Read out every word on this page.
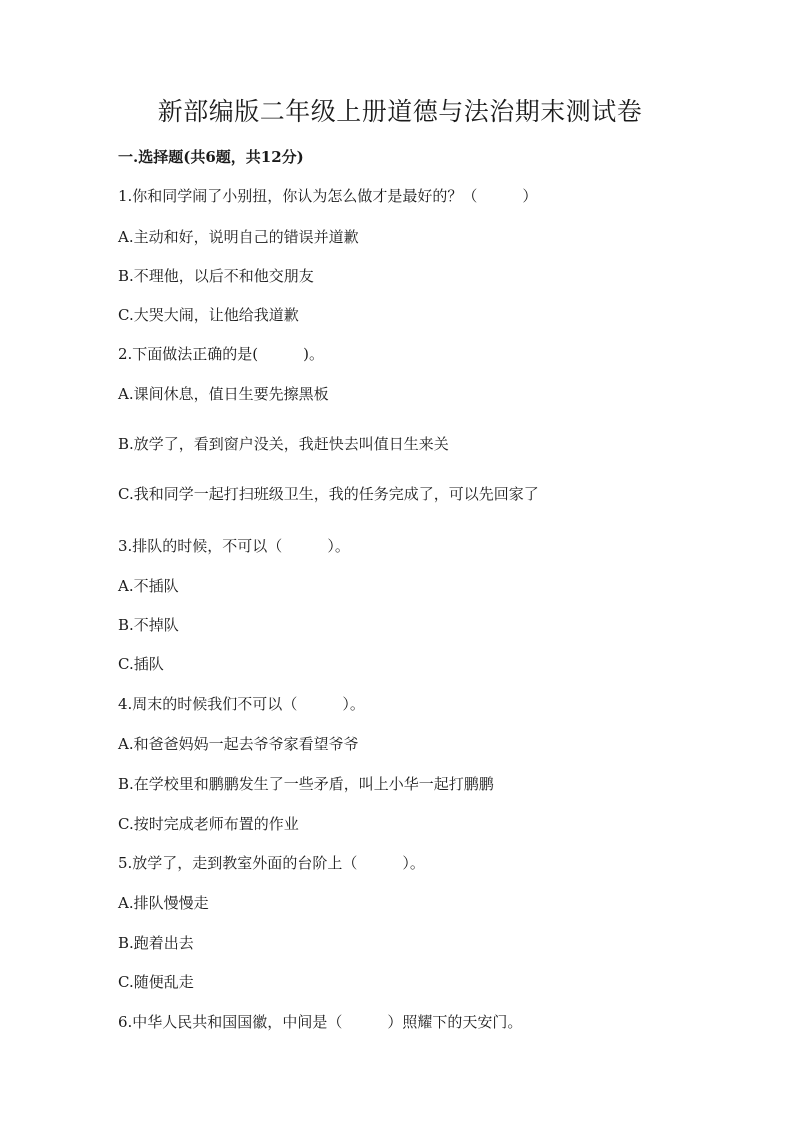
新部编版二年级上册道德与法治期末测试卷
一.选择题(共6题，共12分)
1.你和同学闹了小别扭，你认为怎么做才是最好的？（　　　）
A.主动和好，说明自己的错误并道歉
B.不理他，以后不和他交朋友
C.大哭大闹，让他给我道歉
2.下面做法正确的是(　　　)。
A.课间休息，值日生要先擦黑板
B.放学了，看到窗户没关，我赶快去叫值日生来关
C.我和同学一起打扫班级卫生，我的任务完成了，可以先回家了
3.排队的时候，不可以（　　　）。
A.不插队
B.不掉队
C.插队
4.周末的时候我们不可以（　　　）。
A.和爸爸妈妈一起去爷爷家看望爷爷
B.在学校里和鹏鹏发生了一些矛盾，叫上小华一起打鹏鹏
C.按时完成老师布置的作业
5.放学了，走到教室外面的台阶上（　　　）。
A.排队慢慢走
B.跑着出去
C.随便乱走
6.中华人民共和国国徽，中间是（　　　）照耀下的天安门。
